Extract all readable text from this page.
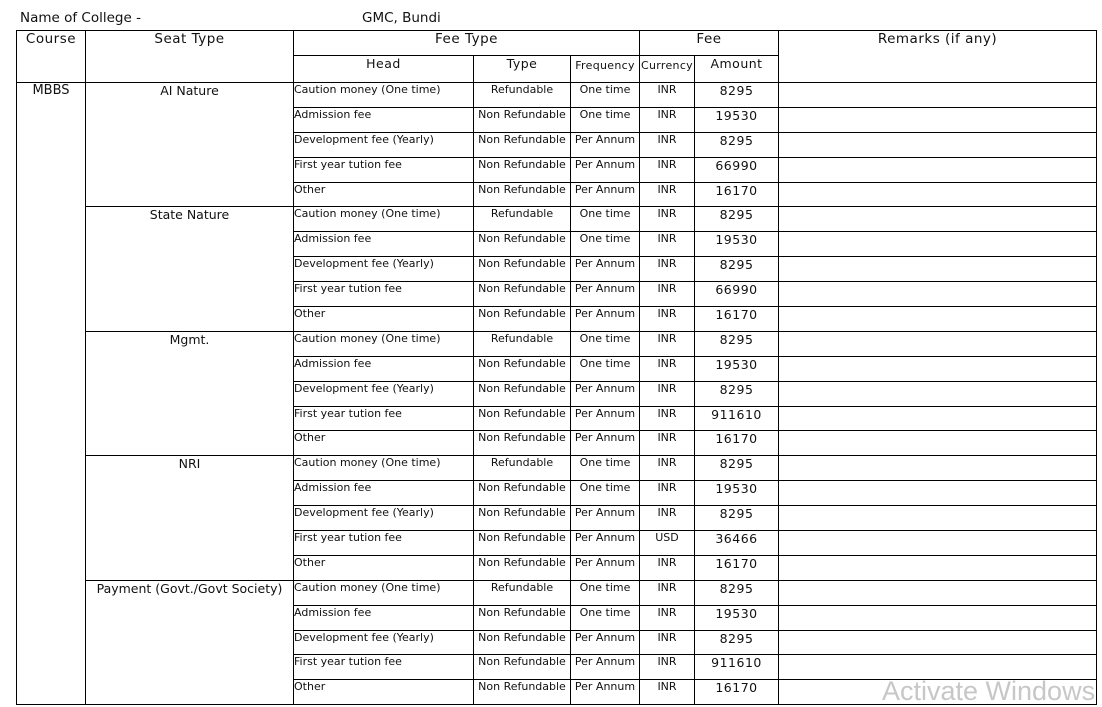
Name of College -	GMC, Bundi
Course	Seat Type	Fee Type			Fee		Remarks (if any)
		Head	Type	Frequency	Currency	Amount	
MBBS	AI Nature	Caution money (One time)	Refundable	One time	INR	8295	
		Admission fee	Non Refundable	One time	INR	19530	
		Development fee (Yearly)	Non Refundable	Per Annum	INR	8295	
		First year tution fee	Non Refundable	Per Annum	INR	66990	
		Other	Non Refundable	Per Annum	INR	16170	
	State Nature	Caution money (One time)	Refundable	One time	INR	8295	
		Admission fee	Non Refundable	One time	INR	19530	
		Development fee (Yearly)	Non Refundable	Per Annum	INR	8295	
		First year tution fee	Non Refundable	Per Annum	INR	66990	
		Other	Non Refundable	Per Annum	INR	16170	
	Mgmt.	Caution money (One time)	Refundable	One time	INR	8295	
		Admission fee	Non Refundable	One time	INR	19530	
		Development fee (Yearly)	Non Refundable	Per Annum	INR	8295	
		First year tution fee	Non Refundable	Per Annum	INR	911610	
		Other	Non Refundable	Per Annum	INR	16170	
	NRI	Caution money (One time)	Refundable	One time	INR	8295	
		Admission fee	Non Refundable	One time	INR	19530	
		Development fee (Yearly)	Non Refundable	Per Annum	INR	8295	
		First year tution fee	Non Refundable	Per Annum	USD	36466	
		Other	Non Refundable	Per Annum	INR	16170	
	Payment (Govt./Govt Society)	Caution money (One time)	Refundable	One time	INR	8295	
		Admission fee	Non Refundable	One time	INR	19530	
		Development fee (Yearly)	Non Refundable	Per Annum	INR	8295	
		First year tution fee	Non Refundable	Per Annum	INR	911610	
		Other	Non Refundable	Per Annum	INR	16170		Activate Windows
